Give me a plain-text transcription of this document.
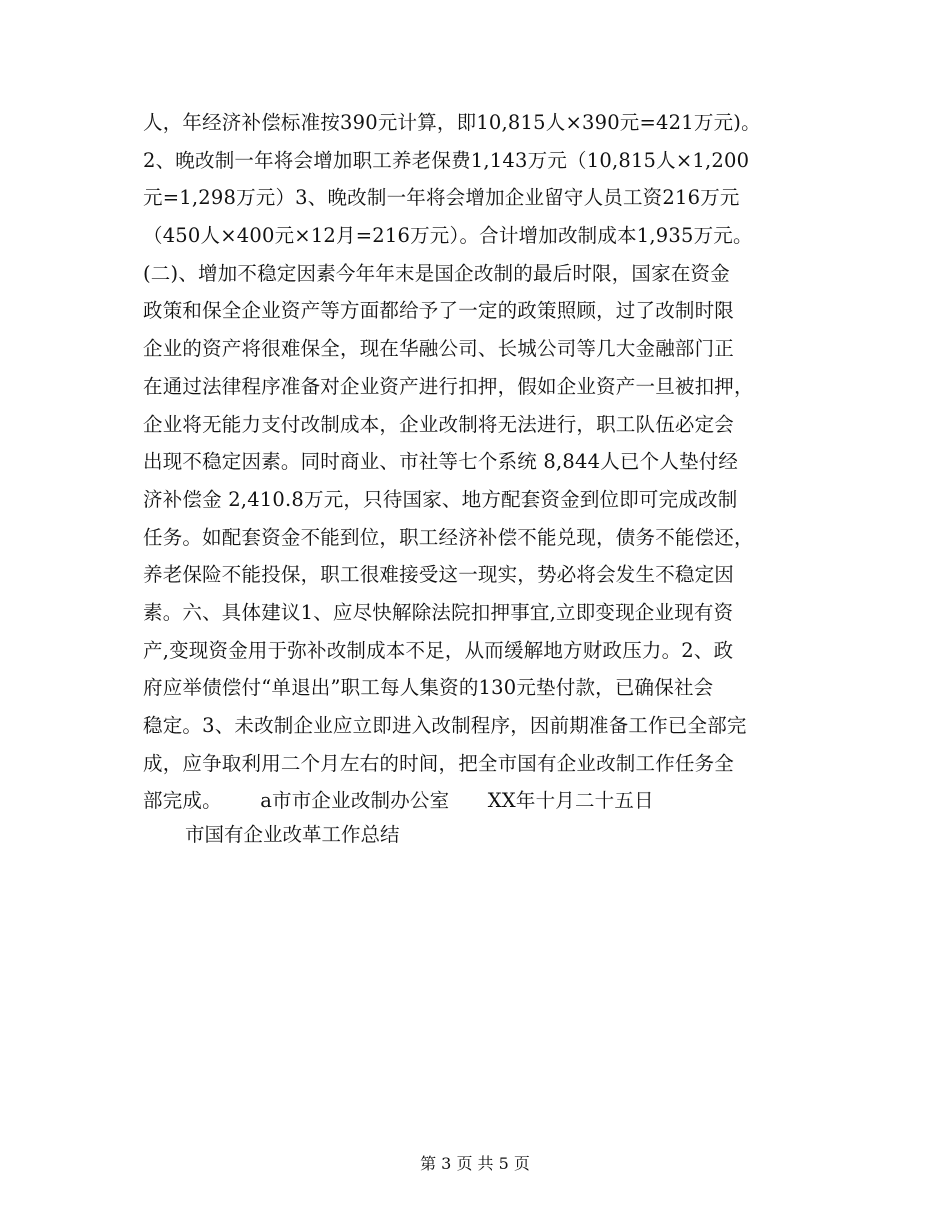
人，年经济补偿标准按390元计算，即10,815人×390元=421万元)。
2、晚改制一年将会增加职工养老保费1,143万元（10,815人×1,200
元=1,298万元）3、晚改制一年将会增加企业留守人员工资216万元
（450人×400元×12月=216万元）。合计增加改制成本1,935万元。
(二)、增加不稳定因素今年年末是国企改制的最后时限，国家在资金
政策和保全企业资产等方面都给予了一定的政策照顾，过了改制时限
企业的资产将很难保全，现在华融公司、长城公司等几大金融部门正
在通过法律程序准备对企业资产进行扣押，假如企业资产一旦被扣押，
企业将无能力支付改制成本，企业改制将无法进行，职工队伍必定会
出现不稳定因素。同时商业、市社等七个系统 8,844人已个人垫付经
济补偿金 2,410.8万元，只待国家、地方配套资金到位即可完成改制
任务。如配套资金不能到位，职工经济补偿不能兑现，债务不能偿还，
养老保险不能投保，职工很难接受这一现实，势必将会发生不稳定因
素。六、具体建议1、应尽快解除法院扣押事宜,立即变现企业现有资
产,变现资金用于弥补改制成本不足，从而缓解地方财政压力。2、政
府应举债偿付“单退出”职工每人集资的130元垫付款，已确保社会
稳定。3、未改制企业应立即进入改制程序，因前期准备工作已全部完
成，应争取利用二个月左右的时间，把全市国有企业改制工作任务全
部完成。      a市市企业改制办公室      XX年十月二十五日
市国有企业改革工作总结
第 3 页 共 5 页
